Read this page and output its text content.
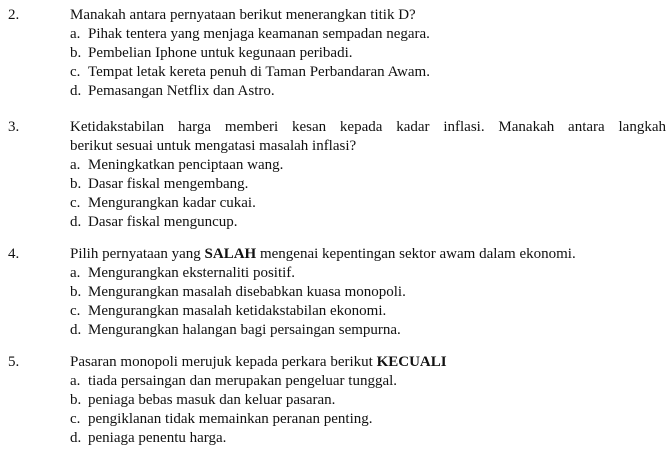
2.	Manakah antara pernyataan berikut menerangkan titik D?
a. Pihak tentera yang menjaga keamanan sempadan negara.
b. Pembelian Iphone untuk kegunaan peribadi.
c. Tempat letak kereta penuh di Taman Perbandaran Awam.
d. Pemasangan Netflix dan Astro.
3.	Ketidakstabilan harga memberi kesan kepada kadar inflasi. Manakah antara langkah
berikut sesuai untuk mengatasi masalah inflasi?
a. Meningkatkan penciptaan wang.
b. Dasar fiskal mengembang.
c. Mengurangkan kadar cukai.
d. Dasar fiskal menguncup.
4.	Pilih pernyataan yang SALAH mengenai kepentingan sektor awam dalam ekonomi.
a. Mengurangkan eksternaliti positif.
b. Mengurangkan masalah disebabkan kuasa monopoli.
c. Mengurangkan masalah ketidakstabilan ekonomi.
d. Mengurangkan halangan bagi persaingan sempurna.
5.	Pasaran monopoli merujuk kepada perkara berikut KECUALI
a. tiada persaingan dan merupakan pengeluar tunggal.
b. peniaga bebas masuk dan keluar pasaran.
c. pengiklanan tidak memainkan peranan penting.
d. peniaga penentu harga.
